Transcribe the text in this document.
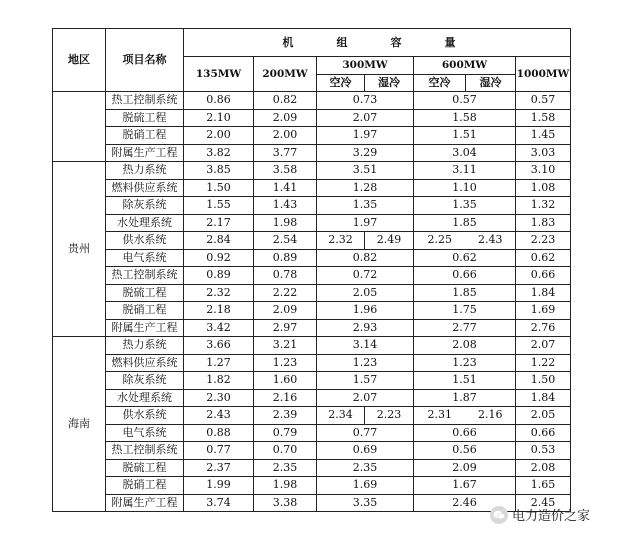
地区	项目名称	机　组　容　量						
		135MW	200MW	300MW		600MW		1000MW
				空冷	湿冷	空冷	湿冷	
	热工控制系统	0.86	0.82	0.73		0.57		0.57
	脱硫工程	2.10	2.09	2.07		1.58		1.58
	脱硝工程	2.00	2.00	1.97		1.51		1.45
	附属生产工程	3.82	3.77	3.29		3.04		3.03
贵州	热力系统	3.85	3.58	3.51		3.11		3.10
	燃料供应系统	1.50	1.41	1.28		1.10		1.08
	除灰系统	1.55	1.43	1.35		1.35		1.32
	水处理系统	2.17	1.98	1.97		1.85		1.83
	供水系统	2.84	2.54	2.32	2.49	2.25	2.43	2.23
	电气系统	0.92	0.89	0.82		0.62		0.62
	热工控制系统	0.89	0.78	0.72		0.66		0.66
	脱硫工程	2.32	2.22	2.05		1.85		1.84
	脱硝工程	2.18	2.09	1.96		1.75		1.69
	附属生产工程	3.42	2.97	2.93		2.77		2.76
海南	热力系统	3.66	3.21	3.14		2.08		2.07
	燃料供应系统	1.27	1.23	1.23		1.23		1.22
	除灰系统	1.82	1.60	1.57		1.51		1.50
	水处理系统	2.30	2.16	2.07		1.87		1.84
	供水系统	2.43	2.39	2.34	2.23	2.31	2.16	2.05
	电气系统	0.88	0.79	0.77		0.66		0.66
	热工控制系统	0.77	0.70	0.69		0.56		0.53
	脱硫工程	2.37	2.35	2.35		2.09		2.08
	脱硝工程	1.99	1.98	1.69		1.67		1.65
	附属生产工程	3.74	3.38	3.35		2.46		2.45
电力造价之家
